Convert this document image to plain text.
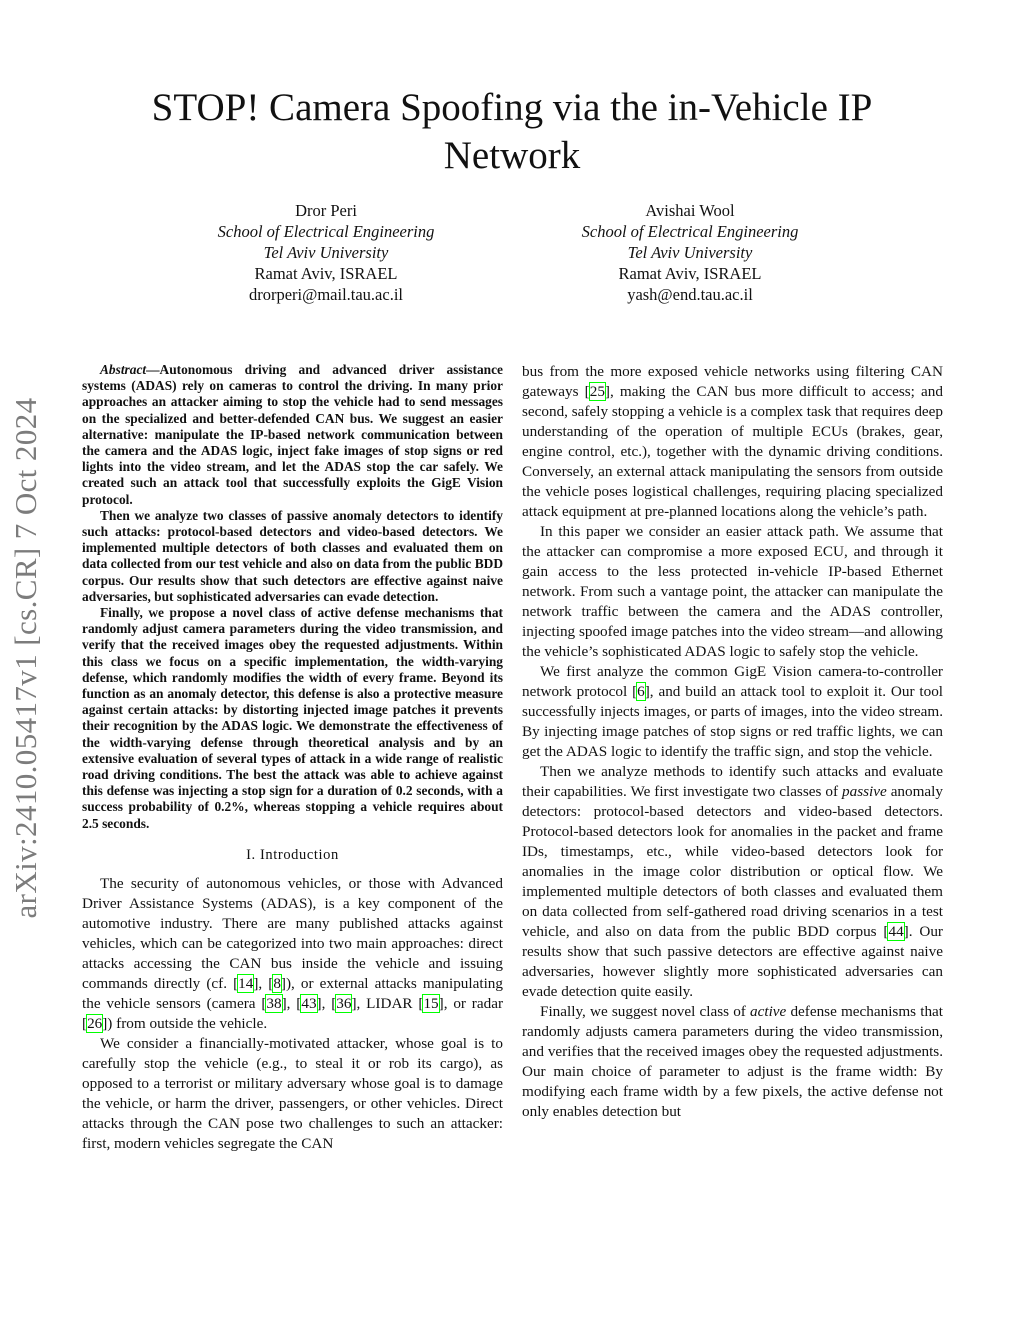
STOP! Camera Spoofing via the in-Vehicle IP Network
Dror Peri
School of Electrical Engineering
Tel Aviv University
Ramat Aviv, ISRAEL
drorperi@mail.tau.ac.il
Avishai Wool
School of Electrical Engineering
Tel Aviv University
Ramat Aviv, ISRAEL
yash@end.tau.ac.il
arXiv:2410.05417v1 [cs.CR] 7 Oct 2024

Abstract—Autonomous driving and advanced driver assistance systems (ADAS) rely on cameras to control the driving. In many prior approaches an attacker aiming to stop the vehicle had to send messages on the specialized and better-defended CAN bus. We suggest an easier alternative: manipulate the IP-based network communication between the camera and the ADAS logic, inject fake images of stop signs or red lights into the video stream, and let the ADAS stop the car safely. We created such an attack tool that successfully exploits the GigE Vision protocol.

Then we analyze two classes of passive anomaly detectors to identify such attacks: protocol-based detectors and video-based detectors. We implemented multiple detectors of both classes and evaluated them on data collected from our test vehicle and also on data from the public BDD corpus. Our results show that such detectors are effective against naive adversaries, but sophisticated adversaries can evade detection.

Finally, we propose a novel class of active defense mechanisms that randomly adjust camera parameters during the video transmission, and verify that the received images obey the requested adjustments. Within this class we focus on a specific implementation, the width-varying defense, which randomly modifies the width of every frame. Beyond its function as an anomaly detector, this defense is also a protective measure against certain attacks: by distorting injected image patches it prevents their recognition by the ADAS logic. We demonstrate the effectiveness of the width-varying defense through theoretical analysis and by an extensive evaluation of several types of attack in a wide range of realistic road driving conditions. The best the attack was able to achieve against this defense was injecting a stop sign for a duration of 0.2 seconds, with a success probability of 0.2%, whereas stopping a vehicle requires about 2.5 seconds.

I. Introduction

The security of autonomous vehicles, or those with Advanced Driver Assistance Systems (ADAS), is a key component of the automotive industry. There are many published attacks against vehicles, which can be categorized into two main approaches: direct attacks accessing the CAN bus inside the vehicle and issuing commands directly (cf. [14], [8]), or external attacks manipulating the vehicle sensors (camera [38], [43], [36], LIDAR [15], or radar [26]) from outside the vehicle.

We consider a financially-motivated attacker, whose goal is to carefully stop the vehicle (e.g., to steal it or rob its cargo), as opposed to a terrorist or military adversary whose goal is to damage the vehicle, or harm the driver, passengers, or other vehicles. Direct attacks through the CAN pose two challenges to such an attacker: first, modern vehicles segregate the CAN

bus from the more exposed vehicle networks using filtering CAN gateways [25], making the CAN bus more difficult to access; and second, safely stopping a vehicle is a complex task that requires deep understanding of the operation of multiple ECUs (brakes, gear, engine control, etc.), together with the dynamic driving conditions. Conversely, an external attack manipulating the sensors from outside the vehicle poses logistical challenges, requiring placing specialized attack equipment at pre-planned locations along the vehicle’s path.

In this paper we consider an easier attack path. We assume that the attacker can compromise a more exposed ECU, and through it gain access to the less protected in-vehicle IP-based Ethernet network. From such a vantage point, the attacker can manipulate the network traffic between the camera and the ADAS controller, injecting spoofed image patches into the video stream—and allowing the vehicle’s sophisticated ADAS logic to safely stop the vehicle.

We first analyze the common GigE Vision camera-to-controller network protocol [6], and build an attack tool to exploit it. Our tool successfully injects images, or parts of images, into the video stream. By injecting image patches of stop signs or red traffic lights, we can get the ADAS logic to identify the traffic sign, and stop the vehicle.

Then we analyze methods to identify such attacks and evaluate their capabilities. We first investigate two classes of passive anomaly detectors: protocol-based detectors and video-based detectors. Protocol-based detectors look for anomalies in the packet and frame IDs, timestamps, etc., while video-based detectors look for anomalies in the image color distribution or optical flow. We implemented multiple detectors of both classes and evaluated them on data collected from self-gathered road driving scenarios in a test vehicle, and also on data from the public BDD corpus [44]. Our results show that such passive detectors are effective against naive adversaries, however slightly more sophisticated adversaries can evade detection quite easily.

Finally, we suggest novel class of active defense mechanisms that randomly adjusts camera parameters during the video transmission, and verifies that the received images obey the requested adjustments. Our main choice of parameter to adjust is the frame width: By modifying each frame width by a few pixels, the active defense not only enables detection but
